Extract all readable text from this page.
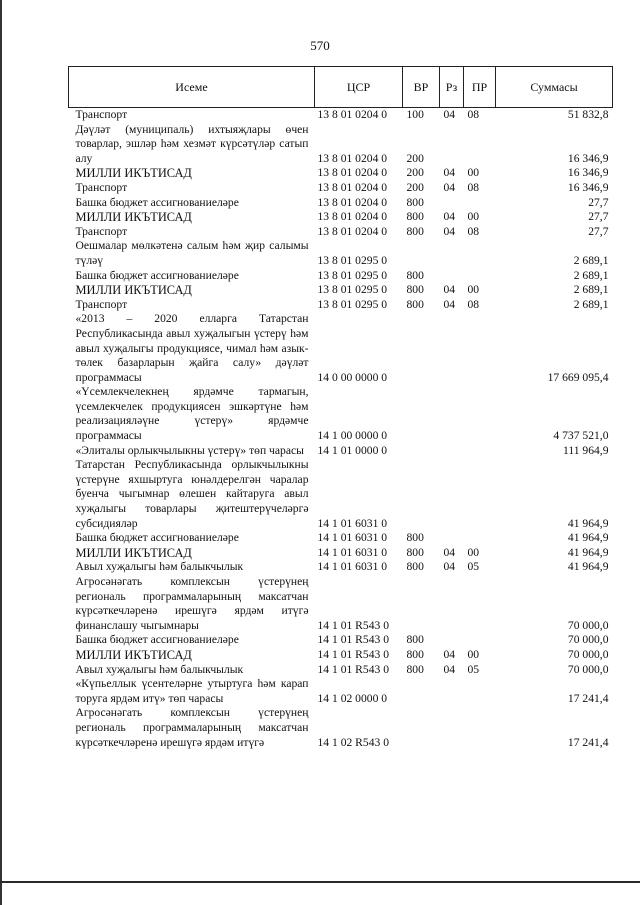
570
Исеме	ЦСР	ВР	Рз	ПР	Суммасы
Транспорт	13 8 01 0204 0	100	04	08	51 832,8
Дәүләт (муниципаль) ихтыяҗлары өчен товарлар, эшләр һәм хезмәт күрсәтүләр сатып алу	13 8 01 0204 0	200			16 346,9
МИЛЛИ ИКЪТИСАД	13 8 01 0204 0	200	04	00	16 346,9
Транспорт	13 8 01 0204 0	200	04	08	16 346,9
Башка бюджет ассигнованиеләре	13 8 01 0204 0	800			27,7
МИЛЛИ ИКЪТИСАД	13 8 01 0204 0	800	04	00	27,7
Транспорт	13 8 01 0204 0	800	04	08	27,7
Оешмалар мөлкәтенә салым һәм җир салымы түләү	13 8 01 0295 0				2 689,1
Башка бюджет ассигнованиеләре	13 8 01 0295 0	800			2 689,1
МИЛЛИ ИКЪТИСАД	13 8 01 0295 0	800	04	00	2 689,1
Транспорт	13 8 01 0295 0	800	04	08	2 689,1
«2013 – 2020 елларга Татарстан Республикасында авыл хуҗалыгын үстерү һәм авыл хуҗалыгы продукциясе, чимал һәм азык-төлек базарларын җайга салу» дәүләт программасы	14 0 00 0000 0				17 669 095,4
«Үсемлекчелекнең ярдәмче тармагын, үсемлекчелек продукциясен эшкәртүне һәм реализацияләүне үстерү» ярдәмче программасы	14 1 00 0000 0				4 737 521,0
«Элиталы орлыкчылыкны үстерү» төп чарасы	14 1 01 0000 0				111 964,9
Татарстан Республикасында орлыкчылыкны үстерүне яхшыртуга юнәлдерелгән чаралар буенча чыгымнар өлешен кайтаруга авыл хуҗалыгы товарлары җитештерүчеләргә субсидияләр	14 1 01 6031 0				41 964,9
Башка бюджет ассигнованиеләре	14 1 01 6031 0	800			41 964,9
МИЛЛИ ИКЪТИСАД	14 1 01 6031 0	800	04	00	41 964,9
Авыл хуҗалыгы һәм балыкчылык	14 1 01 6031 0	800	04	05	41 964,9
Агросәнәгать комплексын үстерүнең региональ программаларының максатчан күрсәткечләренә ирешүгә ярдәм итүгә финанслашу чыгымнары	14 1 01 R543 0				70 000,0
Башка бюджет ассигнованиеләре	14 1 01 R543 0	800			70 000,0
МИЛЛИ ИКЪТИСАД	14 1 01 R543 0	800	04	00	70 000,0
Авыл хуҗалыгы һәм балыкчылык	14 1 01 R543 0	800	04	05	70 000,0
«Күпьеллык үсентеләрне утыртуга һәм карап торуга ярдәм итү» төп чарасы	14 1 02 0000 0				17 241,4
Агросәнәгать комплексын үстерүнең региональ программаларының максатчан күрсәткечләренә ирешүгә ярдәм итүгә	14 1 02 R543 0				17 241,4
